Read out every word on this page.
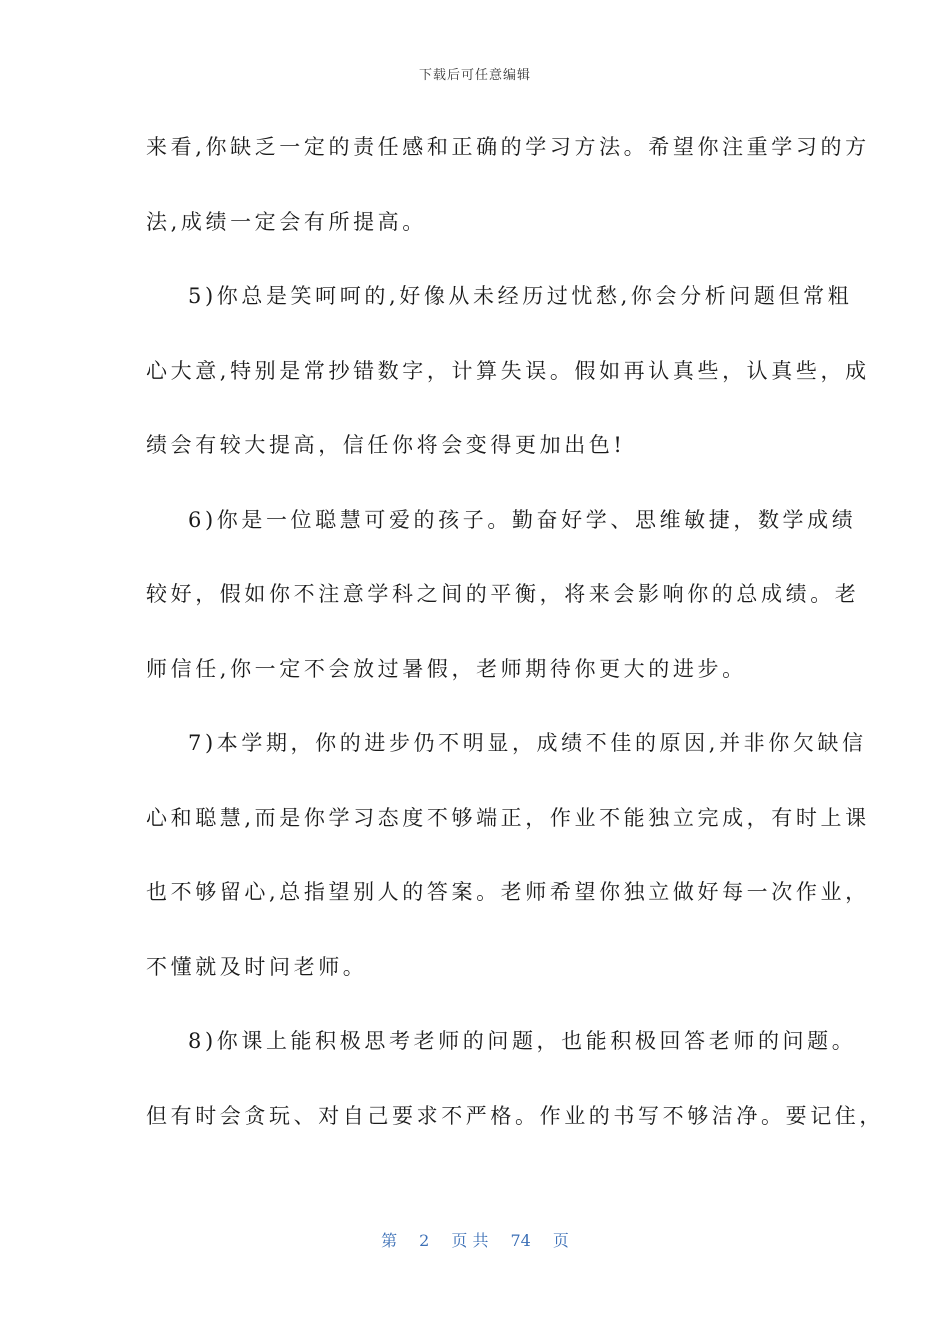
下载后可任意编辑
来看,你缺乏一定的责任感和正确的学习方法。希望你注重学习的方
法,成绩一定会有所提高。
5)你总是笑呵呵的,好像从未经历过忧愁,你会分析问题但常粗
心大意,特别是常抄错数字，计算失误。假如再认真些，认真些，成
绩会有较大提高，信任你将会变得更加出色!
6)你是一位聪慧可爱的孩子。勤奋好学、思维敏捷，数学成绩
较好，假如你不注意学科之间的平衡，将来会影响你的总成绩。老
师信任,你一定不会放过暑假，老师期待你更大的进步。
7)本学期，你的进步仍不明显，成绩不佳的原因,并非你欠缺信
心和聪慧,而是你学习态度不够端正，作业不能独立完成，有时上课
也不够留心,总指望别人的答案。老师希望你独立做好每一次作业，
不懂就及时问老师。
8)你课上能积极思考老师的问题，也能积极回答老师的问题。
但有时会贪玩、对自己要求不严格。作业的书写不够洁净。要记住，
第 2 页 共 74 页
